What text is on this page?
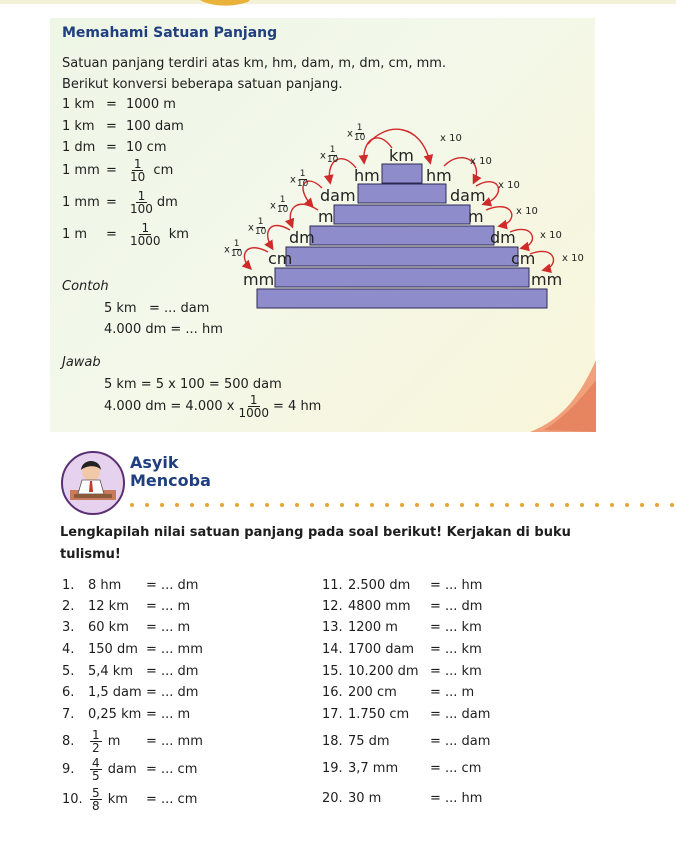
Memahami Satuan Panjang
Satuan panjang terdiri atas km, hm, dam, m, dm, cm, mm.
Berikut konversi beberapa satuan panjang.
1 km = 1000 m
1 km = 100 dam
1 dm = 10 cm
1 mm = $\frac{1}{10}$ cm
1 mm = $\frac{1}{100}$ dm
1 $m = \frac{1}{1000}$ km
Contoh
5 km   = ... dam
4.000 dm = ... hm
Jawab
5 km = 5 x 100 = 500 dam
4.000 dm = 4.000 x $\frac{1}{1000} = 4$ hm
km
hm
dam
m
dm
cm
mm
hm
dam
m
dm
cm
mm
x $\frac{1}{10}$
x $\frac{1}{10}$
x $\frac{1}{10}$
x $\frac{1}{10}$
x $\frac{1}{10}$
x $\frac{1}{10}$
x 10
x 10
x 10
x 10
x 10
x 10
Asyik
Mencoba
Lengkapilah nilai satuan panjang pada soal berikut! Kerjakan di buku tulismu!
1. 8 hm = ... dm
2. 12 km = ... m
3. 60 km = ... m
4. 150 dm = ... mm
5. 5,4 km = ... dm
6. 1,5 dam = ... dm
7. 0,25 km = ... m
8. $\frac{1}{2}$ m = ... mm
9. $\frac{4}{5}$ dam = ... cm
10. $\frac{5}{8}$ km = ... cm
11. 2.500 dm = ... hm
12. 4800 mm = ... dm
13. 1200 m = ... km
14. 1700 dam = ... km
15. 10.200 dm = ... km
16. 200 cm	= ... m
17. 1.750 cm = ... dam
18. 75 dm	= ... dam
19. 3,7 mm = ... cm
20. 30 m	= ... hm
